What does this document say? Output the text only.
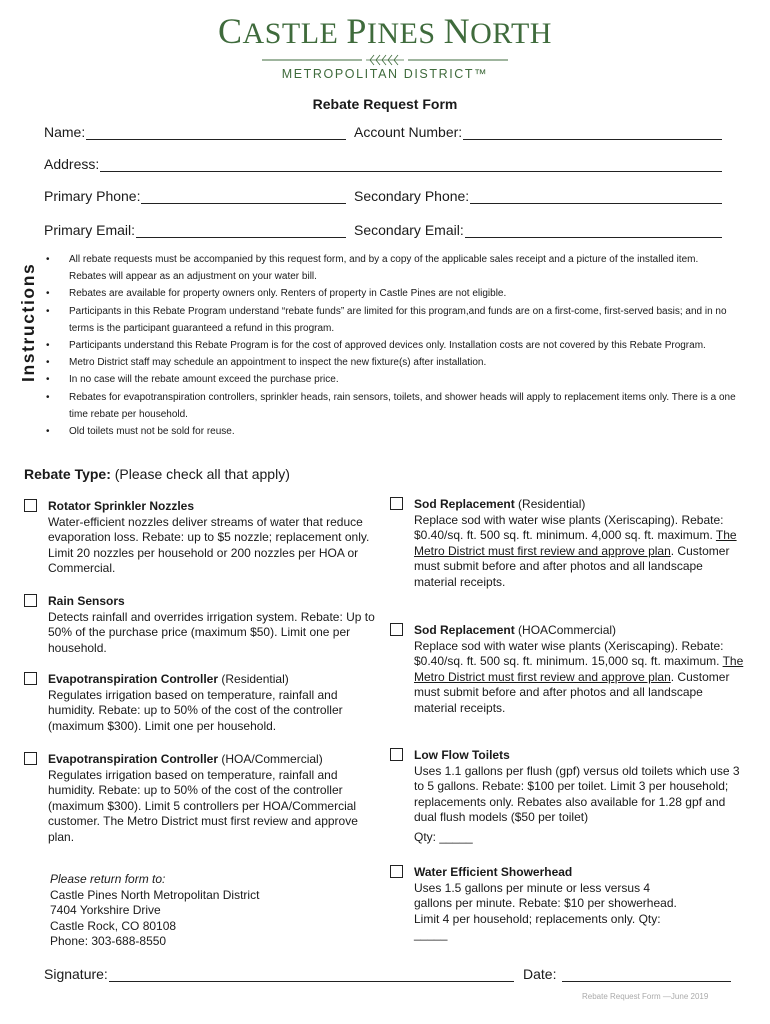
CASTLE PINES NORTH
METROPOLITAN DISTRICT™
Rebate Request Form
Name:	Account Number:
Address:
Primary Phone:	Secondary Phone:
Primary Email:	Secondary Email:
Instructions
• All rebate requests must be accompanied by this request form, and by a copy of the applicable sales receipt and a picture of the installed item. Rebates will appear as an adjustment on your water bill.
• Rebates are available for property owners only. Renters of property in Castle Pines are not eligible.
• Participants in this Rebate Program understand “rebate funds” are limited for this program,and funds are on a first-come, first-served basis; and in no terms is the participant guaranteed a refund in this program.
• Participants understand this Rebate Program is for the cost of approved devices only. Installation costs are not covered by this Rebate Program.
• Metro District staff may schedule an appointment to inspect the new fixture(s) after installation.
• In no case will the rebate amount exceed the purchase price.
• Rebates for evapotranspiration controllers, sprinkler heads, rain sensors, toilets, and shower heads will apply to replacement items only. There is a one time rebate per household.
• Old toilets must not be sold for reuse.
Rebate Type: (Please check all that apply)
Rotator Sprinkler Nozzles
Water-efficient nozzles deliver streams of water that reduce evaporation loss. Rebate: up to $5 nozzle; replacement only. Limit 20 nozzles per household or 200 nozzles per HOA or Commercial.
Rain Sensors
Detects rainfall and overrides irrigation system. Rebate: Up to 50% of the purchase price (maximum $50). Limit one per household.
Evapotranspiration Controller (Residential)
Regulates irrigation based on temperature, rainfall and humidity. Rebate: up to 50% of the cost of the controller (maximum $300). Limit one per household.
Evapotranspiration Controller (HOA/Commercial)
Regulates irrigation based on temperature, rainfall and humidity. Rebate: up to 50% of the cost of the controller (maximum $300). Limit 5 controllers per HOA/Commercial customer. The Metro District must first review and approve plan.
Sod Replacement (Residential)
Replace sod with water wise plants (Xeriscaping). Rebate: $0.40/sq. ft. 500 sq. ft. minimum. 4,000 sq. ft. maximum. The Metro District must first review and approve plan. Customer must submit before and after photos and all landscape material receipts.
Sod Replacement (HOACommercial)
Replace sod with water wise plants (Xeriscaping). Rebate: $0.40/sq. ft. 500 sq. ft. minimum. 15,000 sq. ft. maximum. The Metro District must first review and approve plan. Customer must submit before and after photos and all landscape material receipts.
Low Flow Toilets
Uses 1.1 gallons per flush (gpf) versus old toilets which use 3 to 5 gallons. Rebate: $100 per toilet. Limit 3 per household; replacements only. Rebates also available for 1.28 gpf and dual flush models ($50 per toilet)
Qty: _____
Water Efficient Showerhead
Uses 1.5 gallons per minute or less versus 4 gallons per minute. Rebate: $10 per showerhead. Limit 4 per household; replacements only. Qty: _____
Please return form to:
Castle Pines North Metropolitan District
7404 Yorkshire Drive
Castle Rock, CO 80108
Phone: 303-688-8550
Signature:	Date:
Rebate Request Form —June 2019
